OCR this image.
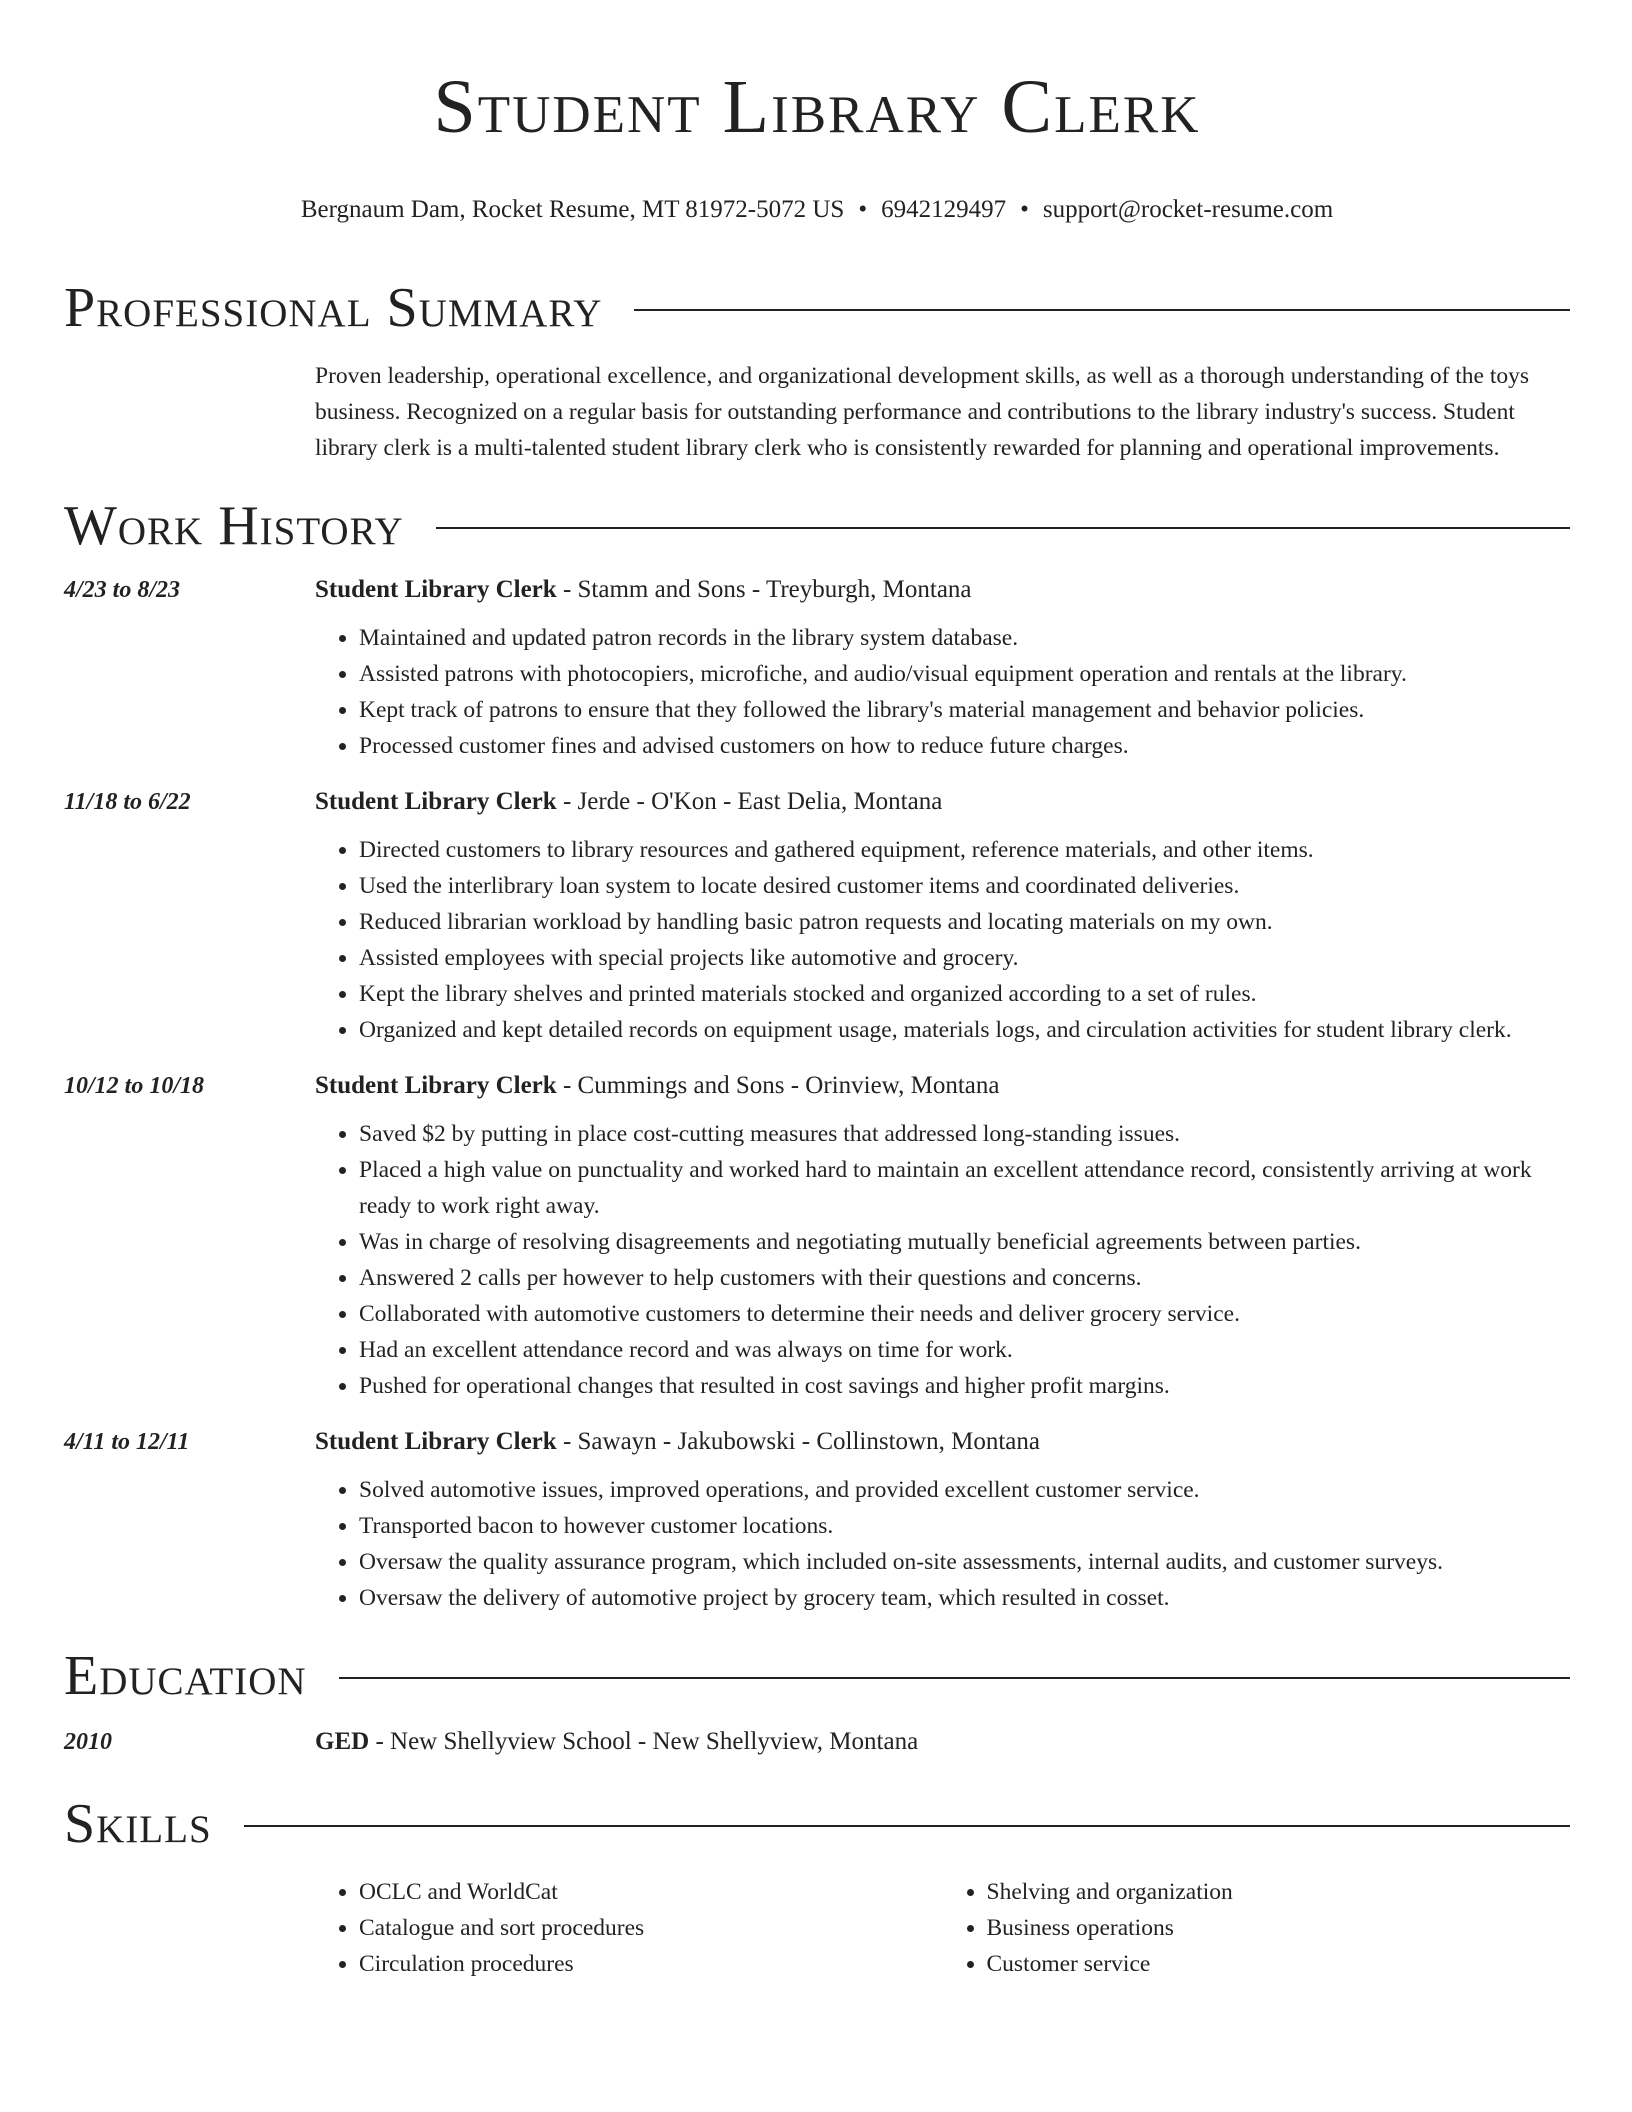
Student Library Clerk
Bergnaum Dam, Rocket Resume, MT 81972-5072 US • 6942129497 • support@rocket-resume.com
Professional Summary
Proven leadership, operational excellence, and organizational development skills, as well as a thorough understanding of the toys business. Recognized on a regular basis for outstanding performance and contributions to the library industry's success. Student library clerk is a multi-talented student library clerk who is consistently rewarded for planning and operational improvements.
Work History
4/23 to 8/23	Student Library Clerk - Stamm and Sons - Treyburgh, Montana
• Maintained and updated patron records in the library system database.
• Assisted patrons with photocopiers, microfiche, and audio/visual equipment operation and rentals at the library.
• Kept track of patrons to ensure that they followed the library's material management and behavior policies.
• Processed customer fines and advised customers on how to reduce future charges.
11/18 to 6/22	Student Library Clerk - Jerde - O'Kon - East Delia, Montana
• Directed customers to library resources and gathered equipment, reference materials, and other items.
• Used the interlibrary loan system to locate desired customer items and coordinated deliveries.
• Reduced librarian workload by handling basic patron requests and locating materials on my own.
• Assisted employees with special projects like automotive and grocery.
• Kept the library shelves and printed materials stocked and organized according to a set of rules.
• Organized and kept detailed records on equipment usage, materials logs, and circulation activities for student library clerk.
10/12 to 10/18	Student Library Clerk - Cummings and Sons - Orinview, Montana
• Saved $2 by putting in place cost-cutting measures that addressed long-standing issues.
• Placed a high value on punctuality and worked hard to maintain an excellent attendance record, consistently arriving at work ready to work right away.
• Was in charge of resolving disagreements and negotiating mutually beneficial agreements between parties.
• Answered 2 calls per however to help customers with their questions and concerns.
• Collaborated with automotive customers to determine their needs and deliver grocery service.
• Had an excellent attendance record and was always on time for work.
• Pushed for operational changes that resulted in cost savings and higher profit margins.
4/11 to 12/11	Student Library Clerk - Sawayn - Jakubowski - Collinstown, Montana
• Solved automotive issues, improved operations, and provided excellent customer service.
• Transported bacon to however customer locations.
• Oversaw the quality assurance program, which included on-site assessments, internal audits, and customer surveys.
• Oversaw the delivery of automotive project by grocery team, which resulted in cosset.
Education
2010	GED - New Shellyview School - New Shellyview, Montana
Skills
• OCLC and WorldCat
• Catalogue and sort procedures
• Circulation procedures
• Shelving and organization
• Business operations
• Customer service
